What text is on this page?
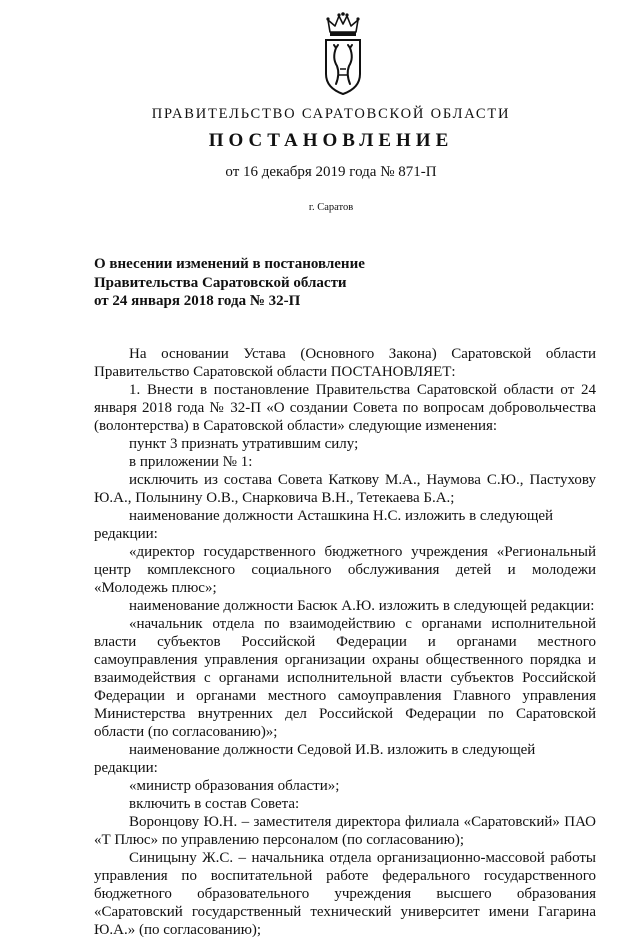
ПРАВИТЕЛЬСТВО САРАТОВСКОЙ ОБЛАСТИ
ПОСТАНОВЛЕНИЕ
от 16 декабря 2019 года № 871-П
г. Саратов
О внесении изменений в постановление
Правительства Саратовской области
от 24 января 2018 года № 32-П

На основании Устава (Основного Закона) Саратовской области Правительство Саратовской области ПОСТАНОВЛЯЕТ:

1. Внести в постановление Правительства Саратовской области от 24 января 2018 года № 32-П «О создании Совета по вопросам добровольчества (волонтерства) в Саратовской области» следующие изменения:

пункт 3 признать утратившим силу;

в приложении № 1:

исключить из состава Совета Каткову М.А., Наумова С.Ю., Пастухову Ю.А., Полынину О.В., Снарковича В.Н., Тетекаева Б.А.;

наименование должности Асташкина Н.С. изложить в следующей редакции:

«директор государственного бюджетного учреждения «Региональный центр комплексного социального обслуживания детей и молодежи «Молодежь плюс»;

наименование должности Басюк А.Ю. изложить в следующей редакции:

«начальник отдела по взаимодействию с органами исполнительной власти субъектов Российской Федерации и органами местного самоуправления управления организации охраны общественного порядка и взаимодействия с органами исполнительной власти субъектов Российской Федерации и органами местного самоуправления Главного управления Министерства внутренних дел Российской Федерации по Саратовской области (по согласованию)»;

наименование должности Седовой И.В. изложить в следующей редакции:

«министр образования области»;

включить в состав Совета:

Воронцову Ю.Н. – заместителя директора филиала «Саратовский» ПАО «Т Плюс» по управлению персоналом (по согласованию);

Синицыну Ж.С. – начальника отдела организационно-массовой работы управления по воспитательной работе федерального государственного бюджетного образовательного учреждения высшего образования «Саратовский государственный технический университет имени Гагарина Ю.А.» (по согласованию);
